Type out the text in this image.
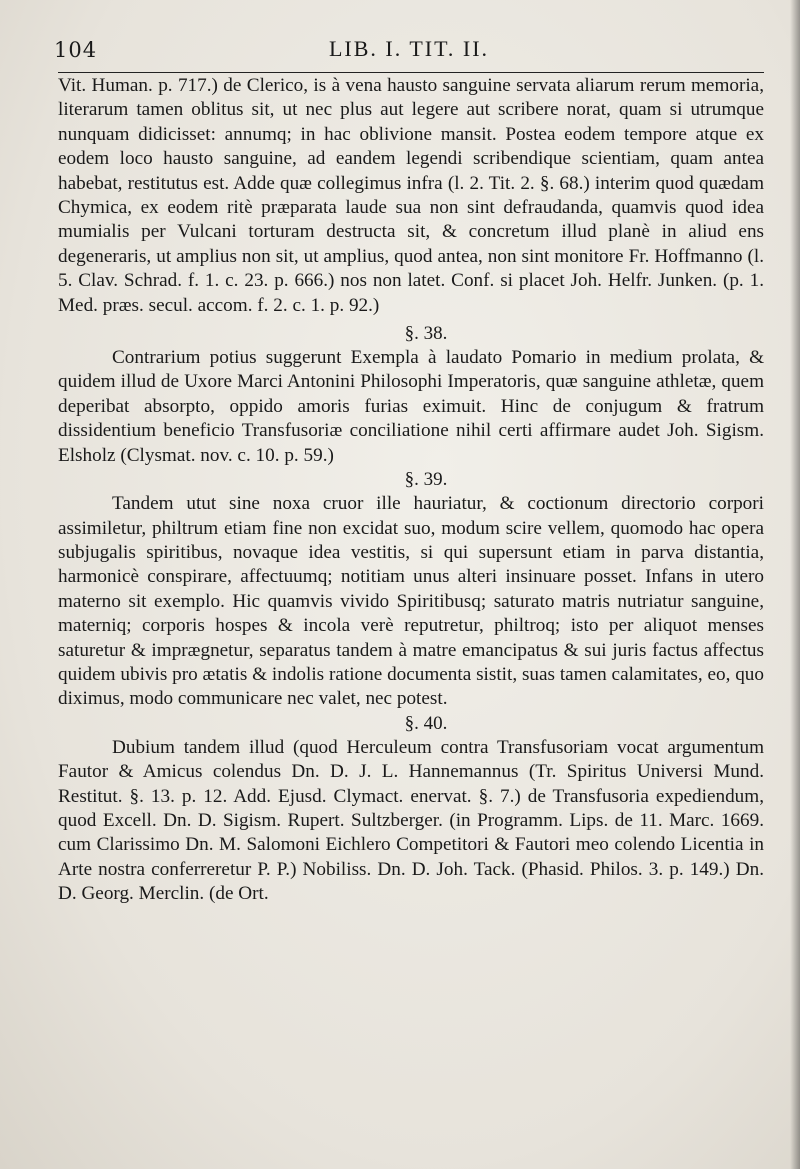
104	LIB. I. TIT. II.

Vit. Human. p. 717.) de Clerico, is à vena hausto sanguine servata aliarum rerum memoria, literarum tamen oblitus sit, ut nec plus aut legere aut scribere norat, quam si utrumque nunquam didicisset: annumq; in hac oblivione mansit. Postea eodem tempore atque ex eodem loco hausto sanguine, ad eandem legendi scribendique scientiam, quam antea habebat, restitutus est. Adde quæ collegimus infra (l. 2. Tit. 2. §. 68.) interim quod quædam Chymica, ex eodem ritè præparata laude sua non sint defraudanda, quamvis quod idea mumialis per Vulcani torturam destructa sit, & concretum illud planè in aliud ens degeneraris, ut amplius non sit, ut amplius, quod antea, non sint monitore Fr. Hoffmanno (l. 5. Clav. Schrad. f. 1. c. 23. p. 666.) nos non latet. Conf. si placet Joh. Helfr. Junken. (p. 1. Med. præs. secul. accom. f. 2. c. 1. p. 92.)

§. 38.

Contrarium potius suggerunt Exempla à laudato Pomario in medium prolata, & quidem illud de Uxore Marci Antonini Philosophi Imperatoris, quæ sanguine athletæ, quem deperibat absorpto, oppido amoris furias eximuit. Hinc de conjugum & fratrum dissidentium beneficio Transfusoriæ conciliatione nihil certi affirmare audet Joh. Sigism. Elsholz (Clysmat. nov. c. 10. p. 59.)

§. 39.

Tandem utut sine noxa cruor ille hauriatur, & coctionum directorio corpori assimiletur, philtrum etiam fine non excidat suo, modum scire vellem, quomodo hac opera subjugalis spiritibus, novaque idea vestitis, si qui supersunt etiam in parva distantia, harmonicè conspirare, affectuumq; notitiam unus alteri insinuare posset. Infans in utero materno sit exemplo. Hic quamvis vivido Spiritibusq; saturato matris nutriatur sanguine, materniq; corporis hospes & incola verè reputretur, philtroq; isto per aliquot menses saturetur & imprægnetur, separatus tandem à matre emancipatus & sui juris factus affectus quidem ubivis pro ætatis & indolis ratione documenta sistit, suas tamen calamitates, eo, quo diximus, modo communicare nec valet, nec potest.

§. 40.

Dubium tandem illud (quod Herculeum contra Transfusoriam vocat argumentum Fautor & Amicus colendus Dn. D. J. L. Hannemannus (Tr. Spiritus Universi Mund. Restitut. §. 13. p. 12. Add. Ejusd. Clymact. enervat. §. 7.) de Transfusoria expediendum, quod Excell. Dn. D. Sigism. Rupert. Sultzberger. (in Programm. Lips. de 11. Marc. 1669. cum Clarissimo Dn. M. Salomoni Eichlero Competitori & Fautori meo colendo Licentia in Arte nostra conferreretur P. P.) Nobiliss. Dn. D. Joh. Tack. (Phasid. Philos. 3. p. 149.) Dn. D. Georg. Merclin. (de Ort.
